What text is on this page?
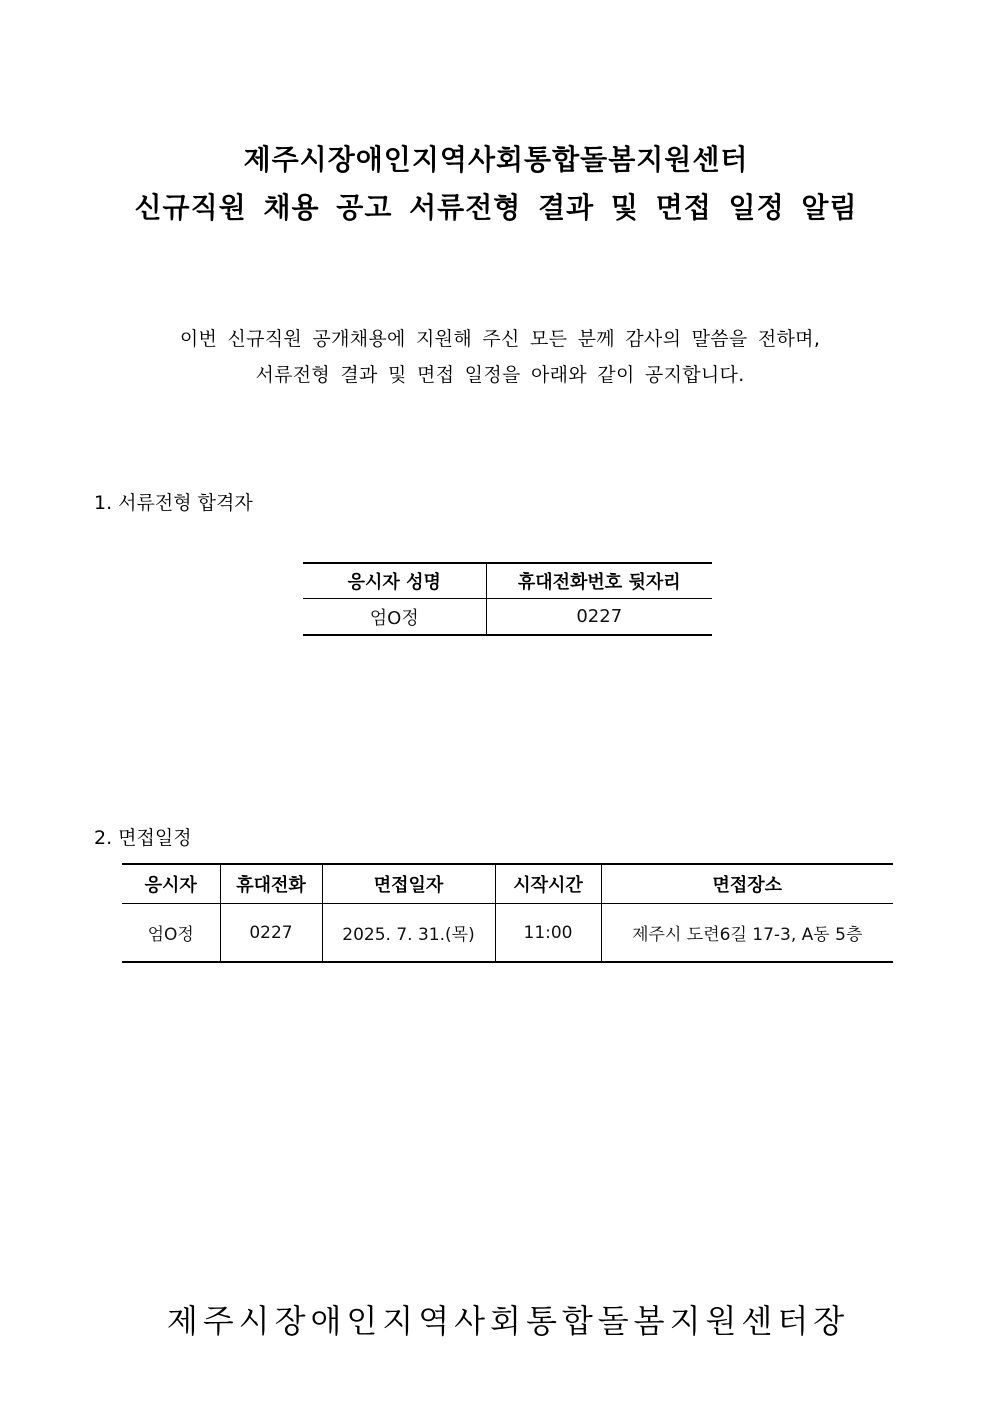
제주시장애인지역사회통합돌봄지원센터
신규직원 채용 공고 서류전형 결과 및 면접 일정 알림
이번 신규직원 공개채용에 지원해 주신 모든 분께 감사의 말씀을 전하며,
서류전형 결과 및 면접 일정을 아래와 같이 공지합니다.
1. 서류전형 합격자
응시자 성명	휴대전화번호 뒷자리
엄O정	0227
2. 면접일정
응시자	휴대전화	면접일자	시작시간	면접장소
엄O정	0227	2025. 7. 31.(목)	11:00	제주시 도련6길 17-3, A동 5층
제주시장애인지역사회통합돌봄지원센터장
